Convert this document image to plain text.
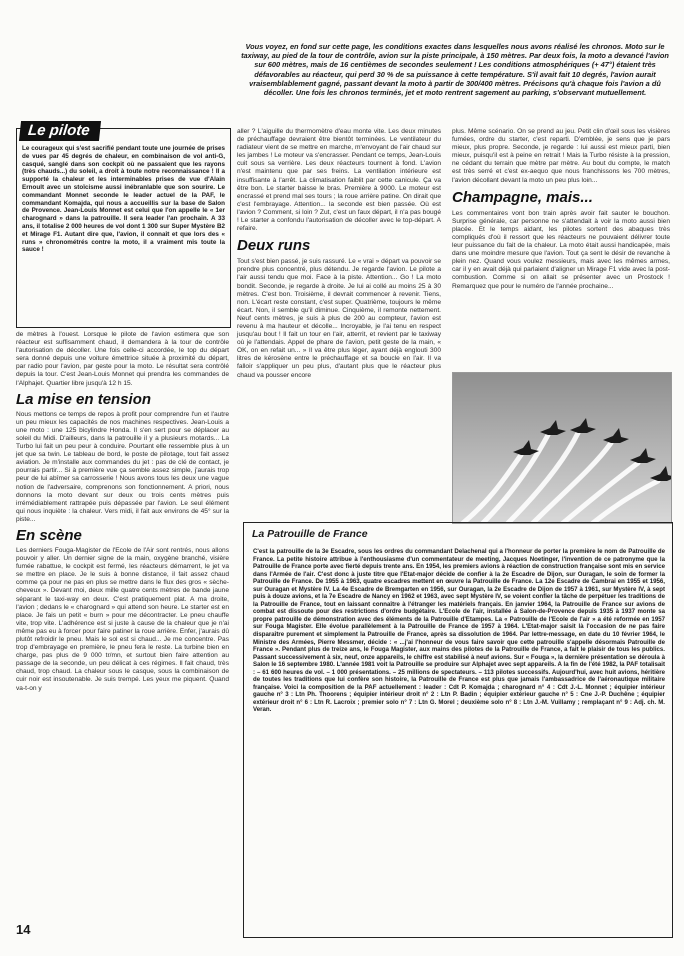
Vous voyez, en fond sur cette page, les conditions exactes dans lesquelles nous avons réalisé les chronos. Moto sur le taxiway, au pied de la tour de contrôle, avion sur la piste principale, à 150 mètres. Par deux fois, la moto a devancé l'avion sur 600 mètres, mais de 16 centièmes de secondes seulement ! Les conditions atmosphériques (+ 47°) étaient très défavorables au réacteur, qui perd 30 % de sa puissance à cette température. S'il avait fait 10 degrés, l'avion aurait vraisemblablement gagné, passant devant la moto à partir de 300/400 mètres. Précisons qu'à chaque fois l'avion a dû décoller. Une fois les chronos terminés, jet et moto rentrent sagement au parking, s'observant mutuellement.
Le pilote
Le courageux qui s'est sacrifié pendant toute une journée de prises de vues par 45 degrés de chaleur, en combinaison de vol anti-G, casqué, sanglé dans son cockpit où ne passaient que les rayons (très chauds...) du soleil, a droit à toute notre reconnaissance ! Il a supporté la chaleur et les interminables prises de vue d'Alain Ernoult avec un stoïcisme aussi inébranlable que son sourire. Le commandant Monnet seconde le leader actuel de la PAF, le commandant Komajda, qui nous a accueillis sur la base de Salon de Provence. Jean-Louis Monnet est celui que l'on appelle le « 1er charognard » dans la patrouille. Il sera leader l'an prochain. A 33 ans, il totalise 2 000 heures de vol dont 1 300 sur Super Mystère B2 et Mirage F1. Autant dire que, l'avion, il connaît et que lors des « runs » chronométrés contre la moto, il a vraiment mis toute la sauce !
de mètres à l'ouest. Lorsque le pilote de l'avion estimera que son réacteur est suffisamment chaud, il demandera à la tour de contrôle l'autorisation de décoller. Une fois celle-ci accordée, le top du départ sera donné depuis une voiture émettrice située à proximité du départ, par radio pour l'avion, par geste pour la moto. Le résultat sera contrôlé depuis la tour. C'est Jean-Louis Monnet qui prendra les commandes de l'Alphajet. Quartier libre jusqu'à 12 h 15.
La mise en tension
Nous mettons ce temps de repos à profit pour comprendre l'un et l'autre un peu mieux les capacités de nos machines respectives. Jean-Louis a une moto : une 125 bicylindre Honda. Il s'en sert pour se déplacer au soleil du Midi. D'ailleurs, dans la patrouille il y a plusieurs motards... La Turbo lui fait un peu peur à conduire. Pourtant elle ressemble plus à un jet que sa twin. Le tableau de bord, le poste de pilotage, tout fait assez aviation. Je m'installe aux commandes du jet : pas de clé de contact, je pourrais partir... Si à première vue ça semble assez simple, j'aurais trop peur de lui abîmer sa carrosserie ! Nous avons tous les deux une vague notion de l'adversaire, comprenons son fonctionnement. A priori, nous donnons la moto devant sur deux ou trois cents mètres puis irrémédiablement rattrapée puis dépassée par l'avion. Le seul élément qui nous inquiète : la chaleur. Vers midi, il fait aux environs de 45° sur la piste...
En scène
Les derniers Fouga-Magister de l'Ecole de l'Air sont rentrés, nous allons pouvoir y aller. Un dernier signe de la main, oxygène branché, visière fumée rabattue, le cockpit est fermé, les réacteurs démarrent, le jet va se mettre en place. Je le suis à bonne distance, il fait assez chaud comme ça pour ne pas en plus se mettre dans le flux des gros « sèche-cheveux ». Devant moi, deux mille quatre cents mètres de bande jaune séparant le taxi-way en deux. C'est pratiquement plat. A ma droite, l'avion ; dedans le « charognard » qui attend son heure. Le starter est en place. Je fais un petit « burn » pour me décontracter. Le pneu chauffe vite, trop vite. L'adhérence est si juste à cause de la chaleur que je n'ai même pas eu à forcer pour faire patiner la roue arrière. Enfer, j'aurais dû plutôt refroidir le pneu. Mais le sol est si chaud... Je me concentre. Pas trop d'embrayage en première, le pneu fera le reste. La turbine bien en charge, pas plus de 9 000 tr/mn, et surtout bien faire attention au passage de la seconde, un peu délicat à ces régimes. Il fait chaud, très chaud, trop chaud. La chaleur sous le casque, sous la combinaison de cuir noir est insoutenable. Je suis trempé. Les yeux me piquent. Quand va-t-on y
aller ? L'aiguille du thermomètre d'eau monte vite. Les deux minutes de préchauffage devraient être bientôt terminées. Le ventilateur du radiateur vient de se mettre en marche, m'envoyant de l'air chaud sur les jambes ! Le moteur va s'encrasser. Pendant ce temps, Jean-Louis cuit sous sa verrière. Les deux réacteurs tournent à fond. L'avion n'est maintenu que par ses freins. La ventilation intérieure est insuffisante à l'arrêt. La climatisation faiblit par cette canicule. Ça va être bon. Le starter baisse le bras. Première à 9000. Le moteur est encrassé et prend mal ses tours ; la roue arrière patine. On dirait que c'est l'embrayage. Attention... la seconde est bien passée. Où est l'avion ? Comment, si loin ? Zut, c'est un faux départ, il n'a pas bougé ! Le starter a confondu l'autorisation de décoller avec le top-départ. A refaire.
Deux runs
Tout s'est bien passé, je suis rassuré. Le « vrai » départ va pouvoir se prendre plus concentré, plus détendu. Je regarde l'avion. Le pilote a l'air aussi tendu que moi. Face à la piste. Attention... Go ! La moto bondit. Seconde, je regarde à droite. Je lui ai collé au moins 25 à 30 mètres. C'est bon. Troisième, il devrait commencer à revenir. Tiens, non. L'écart reste constant, c'est super. Quatrième, toujours le même écart. Non, il semble qu'il diminue. Cinquième, il remonte nettement. Neuf cents mètres, je suis à plus de 200 au compteur, l'avion est revenu à ma hauteur et décolle... Incroyable, je l'ai tenu en respect jusqu'au bout ! Il fait un tour en l'air, atterrit, et revient par le taxiway où je l'attendais. Appel de phare de l'avion, petit geste de la main, « OK, on en refait un... » Il va être plus léger, ayant déjà englouti 300 litres de kérosène entre le préchauffage et sa boucle en l'air. Il va falloir s'appliquer un peu plus, d'autant plus que le réacteur plus chaud va pousser encore
plus. Même scénario. On se prend au jeu. Petit clin d'œil sous les visières fumées, ordre du starter, c'est reparti. D'emblée, je sens que je pars mieux, plus propre. Seconde, je regarde : lui aussi est mieux parti, bien mieux, puisqu'il est à peine en retrait ! Mais la Turbo résiste à la pression, ne cédant du terrain que mètre par mètre. Au bout du compte, le match est très serré et c'est ex-aequo que nous franchissons les 700 mètres, l'avion décollant devant la moto un peu plus loin...
Champagne, mais...
Les commentaires vont bon train après avoir fait sauter le bouchon. Surprise générale, car personne ne s'attendait à voir la moto aussi bien placée. Et le temps aidant, les pilotes sortent des abaques très compliqués d'où il ressort que les réacteurs ne pouvaient délivrer toute leur puissance du fait de la chaleur. La moto était aussi handicapée, mais dans une moindre mesure que l'avion. Tout ça sent le désir de revanche à plein nez. Quand vous voulez messieurs, mais avec les mêmes armes, car il y en avait déjà qui parlaient d'aligner un Mirage F1 vide avec la post-combustion. Comme si on allait se présenter avec un Prostock ! Remarquez que pour le numéro de l'année prochaine...
La Patrouille de France
C'est la patrouille de la 3e Escadre, sous les ordres du commandant Delachenal qui a l'honneur de porter la première le nom de Patrouille de France. La petite histoire attribue à l'enthousiasme d'un commentateur de meeting, Jacques Noetinger, l'invention de ce patronyme que la Patrouille de France porte avec fierté depuis trente ans. En 1954, les premiers avions à réaction de construction française sont mis en service dans l'Armée de l'air. C'est donc à juste titre que l'Etat-major décide de confier à la 2e Escadre de Dijon, sur Ouragan, le soin de former la Patrouille de France. De 1955 à 1963, quatre escadres mettent en œuvre la Patrouille de France. La 12e Escadre de Cambrai en 1955 et 1956, sur Ouragan et Mystère IV. La 4e Escadre de Bremgarten en 1956, sur Ouragan, la 2e Escadre de Dijon de 1957 à 1961, sur Mystère IV, à sept puis à douze avions, et la 7e Escadre de Nancy en 1962 et 1963, avec sept Mystère IV, se voient confier la tâche de perpétuer les traditions de la Patrouille de France, tout en laissant connaître à l'étranger les matériels français. En janvier 1964, la Patrouille de France sur avions de combat est dissoute pour des restrictions d'ordre budgétaire. L'Ecole de l'air, installée à Salon-de-Provence depuis 1935 à 1937 monte sa propre patrouille de démonstration avec des éléments de la Patrouille d'Etampes. La « Patrouille de l'Ecole de l'air » a été reformée en 1957 sur Fouga Magister. Elle évolue parallèlement à la Patrouille de France de 1957 à 1964. L'Etat-major saisit là l'occasion de ne pas faire disparaître purement et simplement la Patrouille de France, après sa dissolution de 1964. Par lettre-message, en date du 10 février 1964, le Ministre des Armées, Pierre Messmer, décide : « ...j'ai l'honneur de vous faire savoir que cette patrouille s'appelle désormais Patrouille de France ». Pendant plus de treize ans, le Fouga Magister, aux mains des pilotes de la Patrouille de France, a fait le plaisir de tous les publics. Passant successivement à six, neuf, onze appareils, le chiffre est stabilisé à neuf avions. Sur « Fouga », la dernière présentation se déroula à Salon le 16 septembre 1980. L'année 1981 voit la Patrouille se produire sur Alphajet avec sept appareils. A la fin de l'été 1982, la PAF totalisait : – 61 600 heures de vol. – 1 000 présentations. – 25 millions de spectateurs. – 113 pilotes successifs. Aujourd'hui, avec huit avions, héritière de toutes les traditions que lui confère son histoire, la Patrouille de France est plus que jamais l'ambassadrice de l'aéronautique militaire française. Voici la composition de la PAF actuellement : leader : Cdt P. Komajda ; charognard n° 4 : Cdt J.-L. Monnet ; équipier intérieur gauche n° 3 : Ltn Ph. Thoorens ; équipier intérieur droit n° 2 : Ltn P. Badin ; équipier extérieur gauche n° 5 : Cne J.-P. Duchêne ; équipier extérieur droit n° 6 : Ltn R. Lacroix ; premier solo n° 7 : Ltn G. Morel ; deuxième solo n° 8 : Ltn J.-M. Vuillamy ; remplaçant n° 9 : Adj. ch. M. Veran.
14
